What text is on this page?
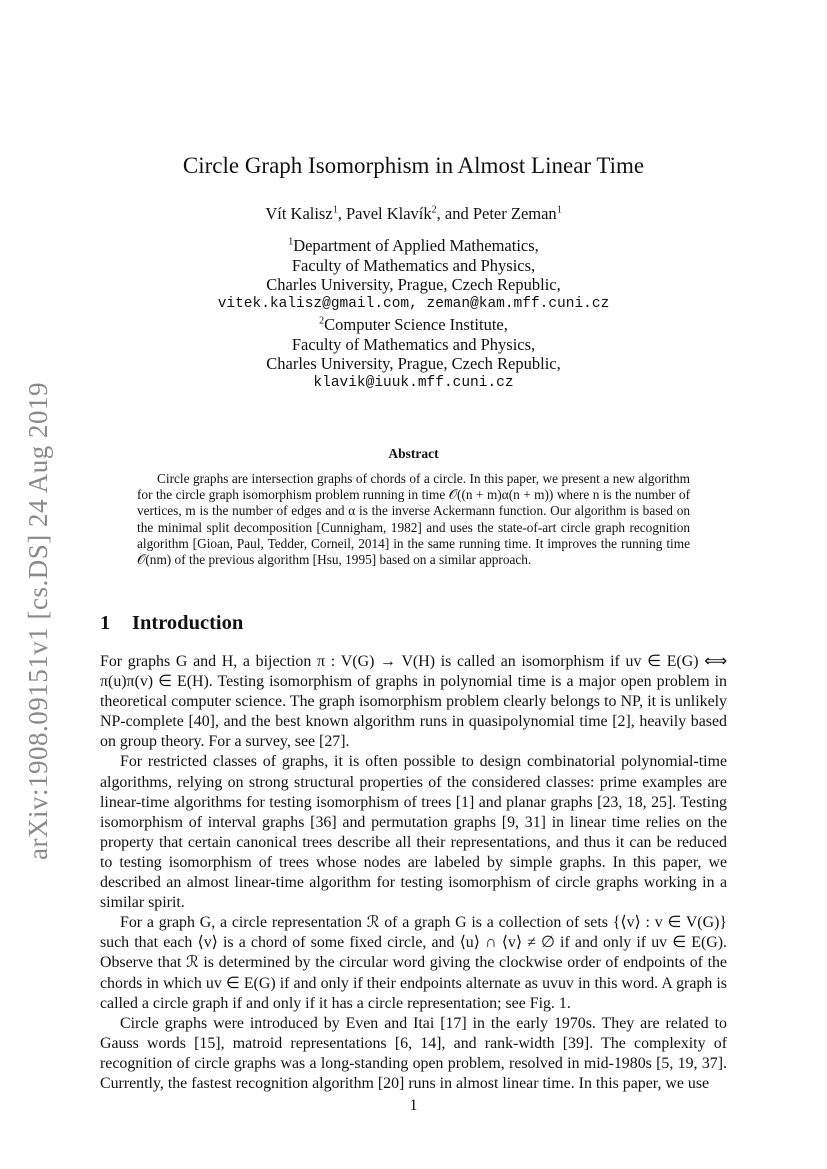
arXiv:1908.09151v1 [cs.DS] 24 Aug 2019
Circle Graph Isomorphism in Almost Linear Time
Vít Kalisz$^1$, Pavel Klavík$^2$, and Peter Zeman$^1$
$^1$Department of Applied Mathematics,
Faculty of Mathematics and Physics,
Charles University, Prague, Czech Republic,
vitek.kalisz@gmail.com, zeman@kam.mff.cuni.cz
$^2$Computer Science Institute,
Faculty of Mathematics and Physics,
Charles University, Prague, Czech Republic,
klavik@iuuk.mff.cuni.cz
Abstract
Circle graphs are intersection graphs of chords of a circle. In this paper, we present a new algorithm for the circle graph isomorphism problem running in time 𝒪((n + m)α(n + m)) where n is the number of vertices, m is the number of edges and α is the inverse Ackermann function. Our algorithm is based on the minimal split decomposition [Cunnigham, 1982] and uses the state-of-art circle graph recognition algorithm [Gioan, Paul, Tedder, Corneil, 2014] in the same running time. It improves the running time 𝒪(nm) of the previous algorithm [Hsu, 1995] based on a similar approach.
1 Introduction

For graphs G and H, a bijection π : V(G) → V(H) is called an isomorphism if uv ∈ E(G) ⟺ π(u)π(v) ∈ E(H). Testing isomorphism of graphs in polynomial time is a major open problem in theoretical computer science. The graph isomorphism problem clearly belongs to NP, it is unlikely NP-complete [40], and the best known algorithm runs in quasipolynomial time [2], heavily based on group theory. For a survey, see [27].

For restricted classes of graphs, it is often possible to design combinatorial polynomial-time algorithms, relying on strong structural properties of the considered classes: prime examples are linear-time algorithms for testing isomorphism of trees [1] and planar graphs [23, 18, 25]. Testing isomorphism of interval graphs [36] and permutation graphs [9, 31] in linear time relies on the property that certain canonical trees describe all their representations, and thus it can be reduced to testing isomorphism of trees whose nodes are labeled by simple graphs. In this paper, we described an almost linear-time algorithm for testing isomorphism of circle graphs working in a similar spirit.

For a graph G, a circle representation ℛ of a graph G is a collection of sets {⟨v⟩ : v ∈ V(G)} such that each ⟨v⟩ is a chord of some fixed circle, and ⟨u⟩ ∩ ⟨v⟩ ≠ ∅ if and only if uv ∈ E(G). Observe that ℛ is determined by the circular word giving the clockwise order of endpoints of the chords in which uv ∈ E(G) if and only if their endpoints alternate as uvuv in this word. A graph is called a circle graph if and only if it has a circle representation; see Fig. 1.

Circle graphs were introduced by Even and Itai [17] in the early 1970s. They are related to Gauss words [15], matroid representations [6, 14], and rank-width [39]. The complexity of recognition of circle graphs was a long-standing open problem, resolved in mid-1980s [5, 19, 37]. Currently, the fastest recognition algorithm [20] runs in almost linear time. In this paper, we use

1
